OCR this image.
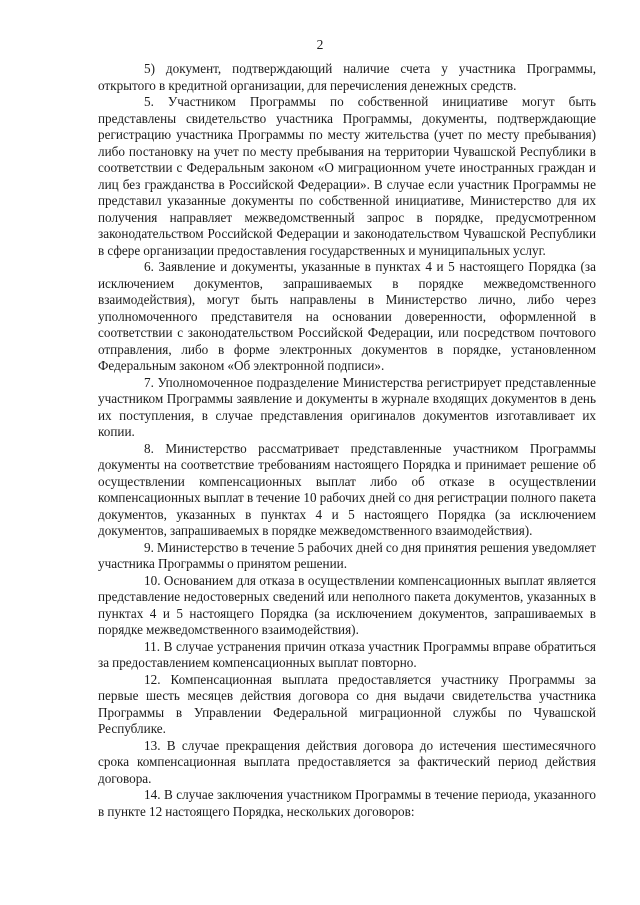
2

5) документ, подтверждающий наличие счета у участника Программы, открытого в кредитной организации, для перечисления денежных средств.

5. Участником Программы по собственной инициативе могут быть представлены свидетельство участника Программы, документы, подтверждающие регистрацию участника Программы по месту жительства (учет по месту пребывания) либо постановку на учет по месту пребывания на территории Чувашской Республики в соответствии с Федеральным законом «О миграционном учете иностранных граждан и лиц без гражданства в Российской Федерации». В случае если участник Программы не представил указанные документы по собственной инициативе, Министерство для их получения направляет межведомственный запрос в порядке, предусмотренном законодательством Российской Федерации и законодательством Чувашской Республики в сфере организации предоставления государственных и муниципальных услуг.

6. Заявление и документы, указанные в пунктах 4 и 5 настоящего Порядка (за исключением документов, запрашиваемых в порядке межведомственного взаимодействия), могут быть направлены в Министерство лично, либо через уполномоченного представителя на основании доверенности, оформленной в соответствии с законодательством Российской Федерации, или посредством почтового отправления, либо в форме электронных документов в порядке, установленном Федеральным законом «Об электронной подписи».

7. Уполномоченное подразделение Министерства регистрирует представленные участником Программы заявление и документы в журнале входящих документов в день их поступления, в случае представления оригиналов документов изготавливает их копии.

8. Министерство рассматривает представленные участником Программы документы на соответствие требованиям настоящего Порядка и принимает решение об осуществлении компенсационных выплат либо об отказе в осуществлении компенсационных выплат в течение 10 рабочих дней со дня регистрации полного пакета документов, указанных в пунктах 4 и 5 настоящего Порядка (за исключением документов, запрашиваемых в порядке межведомственного взаимодействия).

9. Министерство в течение 5 рабочих дней со дня принятия решения уведомляет участника Программы о принятом решении.

10. Основанием для отказа в осуществлении компенсационных выплат является представление недостоверных сведений или неполного пакета документов, указанных в пунктах 4 и 5 настоящего Порядка (за исключением документов, запрашиваемых в порядке межведомственного взаимодействия).

11. В случае устранения причин отказа участник Программы вправе обратиться за предоставлением компенсационных выплат повторно.

12. Компенсационная выплата предоставляется участнику Программы за первые шесть месяцев действия договора со дня выдачи свидетельства участника Программы в Управлении Федеральной миграционной службы по Чувашской Республике.

13. В случае прекращения действия договора до истечения шестимесячного срока компенсационная выплата предоставляется за фактический период действия договора.

14. В случае заключения участником Программы в течение периода, указанного в пункте 12 настоящего Порядка, нескольких договоров:
